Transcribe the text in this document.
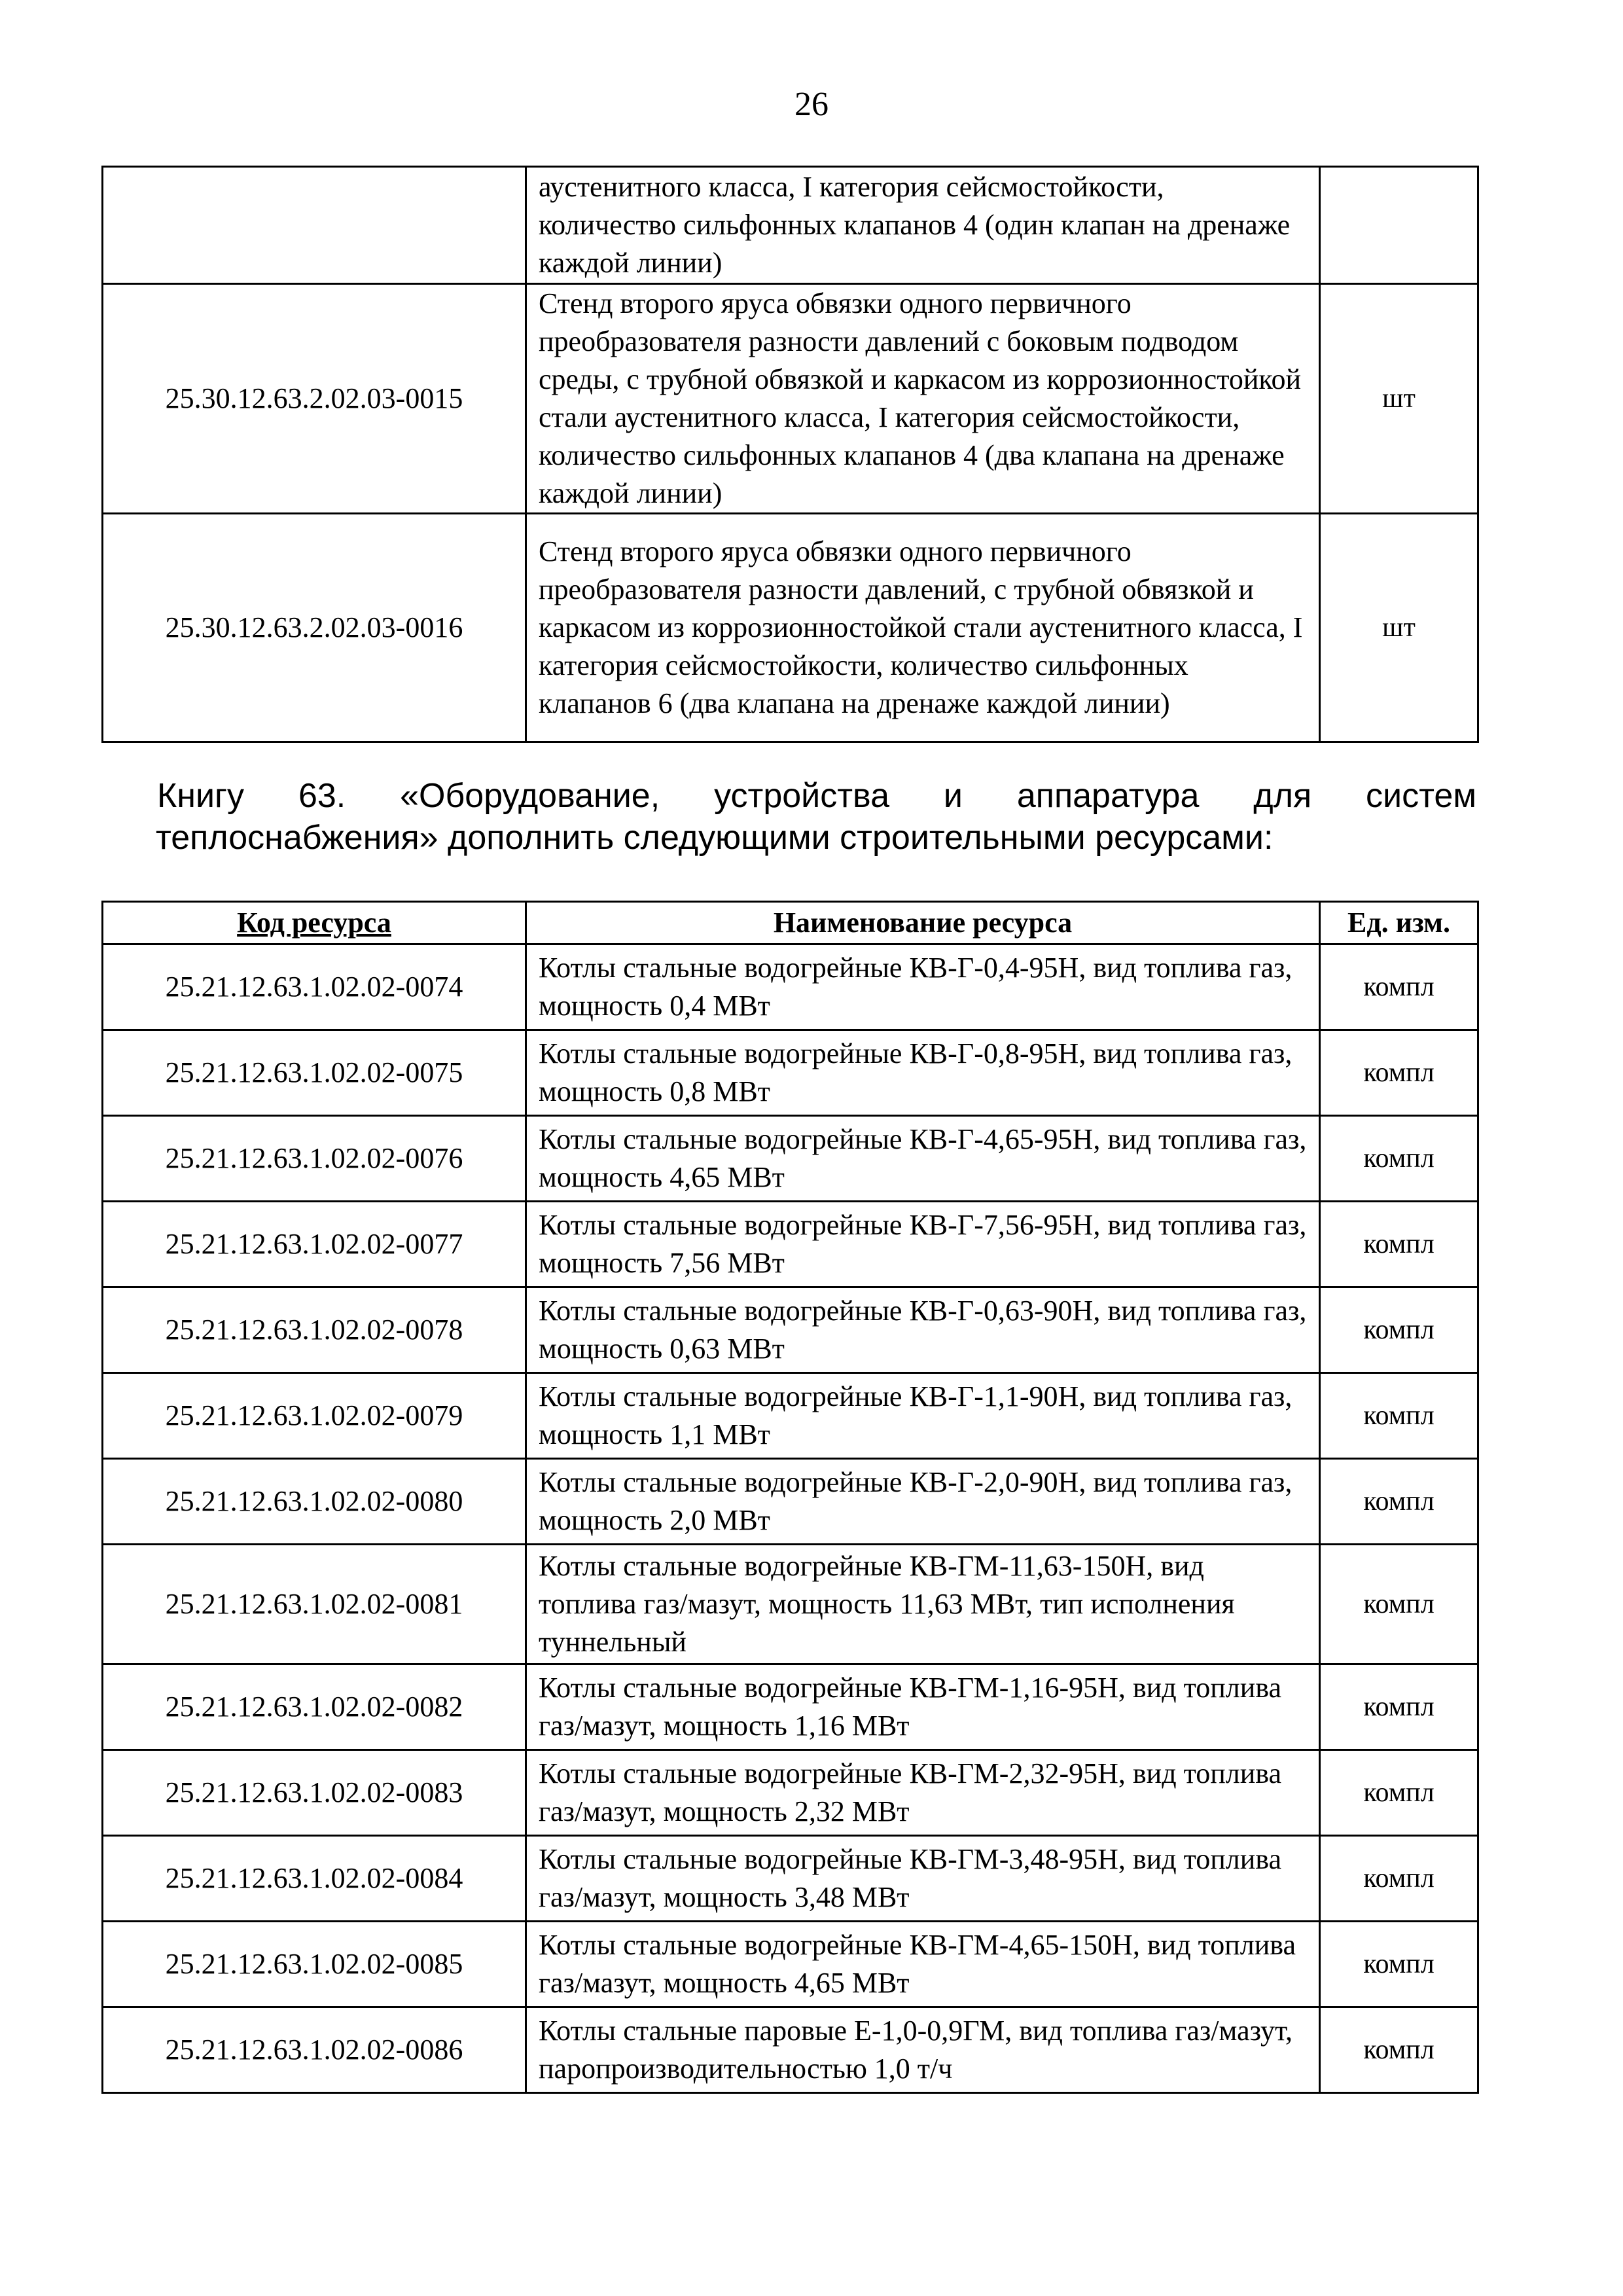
26
	аустенитного класса, I категория сейсмостойкости, количество сильфонных клапанов 4 (один клапан на дренаже каждой линии)	
25.30.12.63.2.02.03-0015	Стенд второго яруса обвязки одного первичного преобразователя разности давлений с боковым подводом среды, с трубной обвязкой и каркасом из коррозионностойкой стали аустенитного класса, I категория сейсмостойкости, количество сильфонных клапанов 4 (два клапана на дренаже каждой линии)	шт
25.30.12.63.2.02.03-0016	Стенд второго яруса обвязки одного первичного преобразователя разности давлений, с трубной обвязкой и каркасом из коррозионностойкой стали аустенитного класса, I категория сейсмостойкости, количество сильфонных клапанов 6 (два клапана на дренаже каждой линии)	шт
Книгу 63. «Оборудование, устройства и аппаратура для систем
теплоснабжения» дополнить следующими строительными ресурсами:
Код ресурса	Наименование ресурса	Ед. изм.
25.21.12.63.1.02.02-0074	Котлы стальные водогрейные КВ-Г-0,4-95Н, вид топлива газ, мощность 0,4 МВт	компл
25.21.12.63.1.02.02-0075	Котлы стальные водогрейные КВ-Г-0,8-95Н, вид топлива газ, мощность 0,8 МВт	компл
25.21.12.63.1.02.02-0076	Котлы стальные водогрейные КВ-Г-4,65-95Н, вид топлива газ, мощность 4,65 МВт	компл
25.21.12.63.1.02.02-0077	Котлы стальные водогрейные КВ-Г-7,56-95Н, вид топлива газ, мощность 7,56 МВт	компл
25.21.12.63.1.02.02-0078	Котлы стальные водогрейные КВ-Г-0,63-90Н, вид топлива газ, мощность 0,63 МВт	компл
25.21.12.63.1.02.02-0079	Котлы стальные водогрейные КВ-Г-1,1-90Н, вид топлива газ, мощность 1,1 МВт	компл
25.21.12.63.1.02.02-0080	Котлы стальные водогрейные КВ-Г-2,0-90Н, вид топлива газ, мощность 2,0 МВт	компл
25.21.12.63.1.02.02-0081	Котлы стальные водогрейные КВ-ГМ-11,63-150Н, вид топлива газ/мазут, мощность 11,63 МВт, тип исполнения туннельный	компл
25.21.12.63.1.02.02-0082	Котлы стальные водогрейные КВ-ГМ-1,16-95Н, вид топлива газ/мазут, мощность 1,16 МВт	компл
25.21.12.63.1.02.02-0083	Котлы стальные водогрейные КВ-ГМ-2,32-95Н, вид топлива газ/мазут, мощность 2,32 МВт	компл
25.21.12.63.1.02.02-0084	Котлы стальные водогрейные КВ-ГМ-3,48-95Н, вид топлива газ/мазут, мощность 3,48 МВт	компл
25.21.12.63.1.02.02-0085	Котлы стальные водогрейные КВ-ГМ-4,65-150Н, вид топлива газ/мазут, мощность 4,65 МВт	компл
25.21.12.63.1.02.02-0086	Котлы стальные паровые Е-1,0-0,9ГМ, вид топлива газ/мазут, паропроизводительностью 1,0 т/ч	компл
